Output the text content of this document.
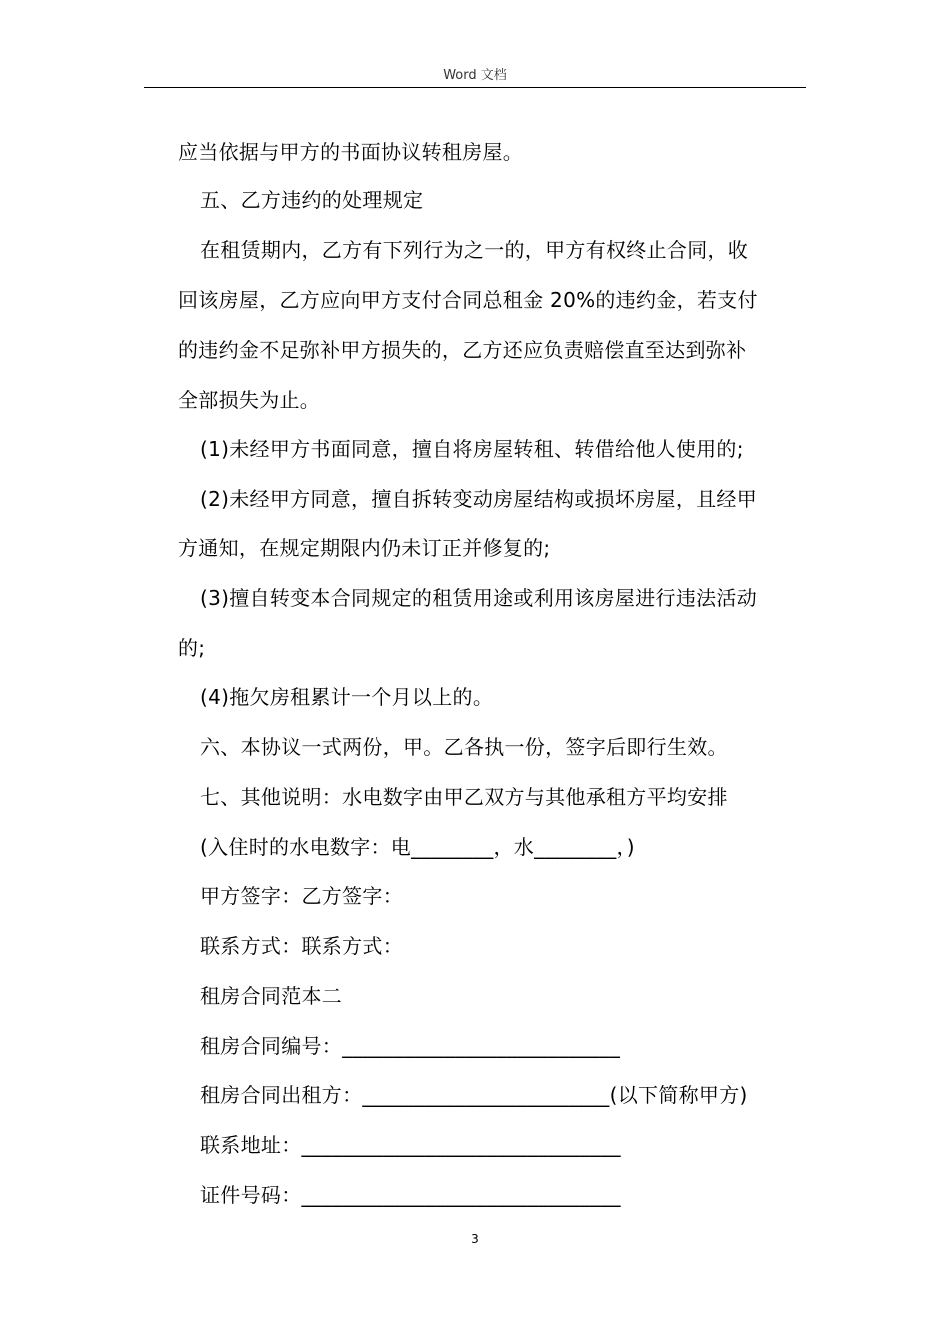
Word 文档
应当依据与甲方的书面协议转租房屋。
五、乙方违约的处理规定
在租赁期内，乙方有下列行为之一的，甲方有权终止合同，收
回该房屋，乙方应向甲方支付合同总租金 20%的违约金，若支付
的违约金不足弥补甲方损失的，乙方还应负责赔偿直至达到弥补
全部损失为止。
(1)未经甲方书面同意，擅自将房屋转租、转借给他人使用的;
(2)未经甲方同意，擅自拆转变动房屋结构或损坏房屋，且经甲
方通知，在规定期限内仍未订正并修复的;
(3)擅自转变本合同规定的租赁用途或利用该房屋进行违法活动
的;
(4)拖欠房租累计一个月以上的。
六、本协议一式两份，甲。乙各执一份，签字后即行生效。
七、其他说明：水电数字由甲乙双方与其他承租方平均安排
(入住时的水电数字：电________，水________，)
甲方签字：乙方签字：
联系方式：联系方式：
租房合同范本二
租房合同编号：___________________________
租房合同出租方：________________________(以下简称甲方)
联系地址：_______________________________
证件号码：_______________________________
3
